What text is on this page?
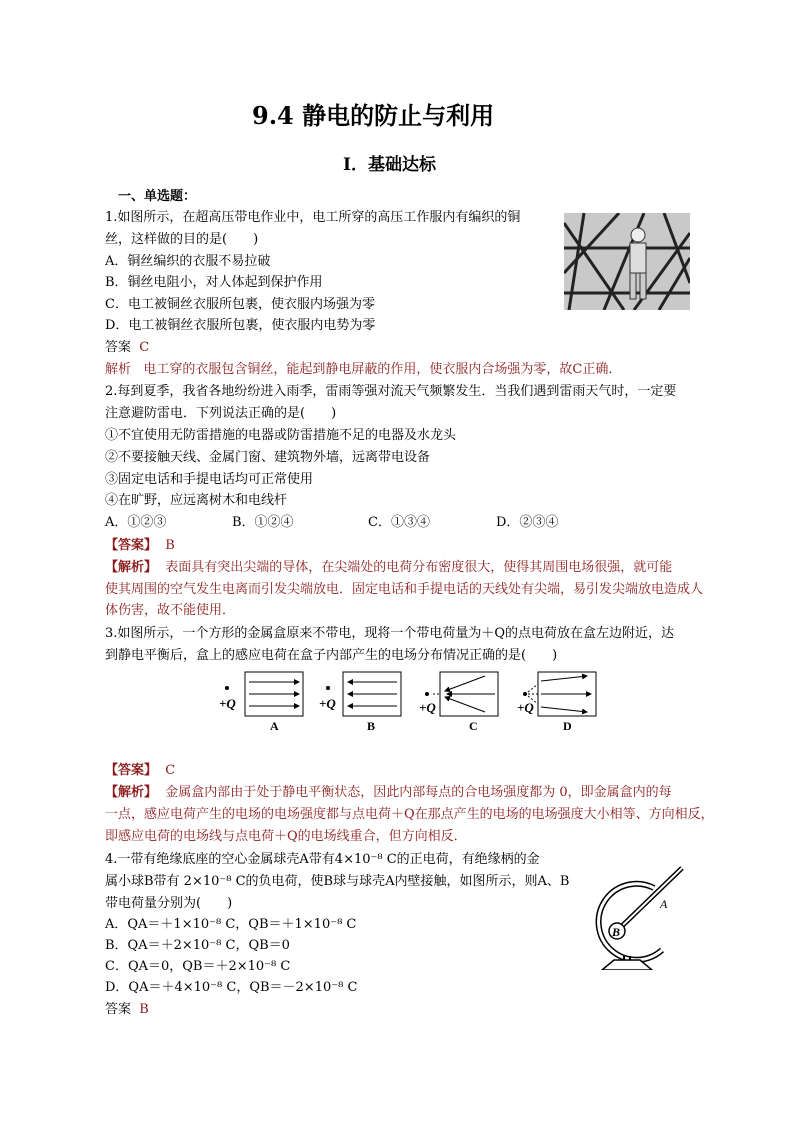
9.4 静电的防止与利用
Ⅰ．基础达标
一、单选题：
1.如图所示，在超高压带电作业中，电工所穿的高压工作服内有编织的铜
丝，这样做的目的是(　　)
A．铜丝编织的衣服不易拉破
B．铜丝电阻小，对人体起到保护作用
C．电工被铜丝衣服所包裹，使衣服内场强为零
D．电工被铜丝衣服所包裹，使衣服内电势为零
答案 C
解析 电工穿的衣服包含铜丝，能起到静电屏蔽的作用，使衣服内合场强为零，故C正确．
2.每到夏季，我省各地纷纷进入雨季，雷雨等强对流天气频繁发生．当我们遇到雷雨天气时，一定要
注意避防雷电．下列说法正确的是(　　)
①不宜使用无防雷措施的电器或防雷措施不足的电器及水龙头
②不要接触天线、金属门窗、建筑物外墙，远离带电设备
③固定电话和手提电话均可正常使用
④在旷野，应远离树木和电线杆
A．①②③	B．①②④	C．①③④	D．②③④
【答案】 B
【解析】 表面具有突出尖端的导体，在尖端处的电荷分布密度很大，使得其周围电场很强，就可能
使其周围的空气发生电离而引发尖端放电．固定电话和手提电话的天线处有尖端，易引发尖端放电造成人
体伤害，故不能使用．
3.如图所示，一个方形的金属盒原来不带电，现将一个带电荷量为＋Q的点电荷放在盒左边附近，达
到静电平衡后，盒上的感应电荷在盒子内部产生的电场分布情况正确的是(　　)
+Q
A
+Q
B
+Q
C
+Q
D
【答案】 C
【解析】 金属盒内部由于处于静电平衡状态，因此内部每点的合电场强度都为 0，即金属盒内的每
一点，感应电荷产生的电场的电场强度都与点电荷＋Q在那点产生的电场的电场强度大小相等、方向相反，
即感应电荷的电场线与点电荷＋Q的电场线重合，但方向相反．
4.一带有绝缘底座的空心金属球壳A带有4×10⁻⁸ C的正电荷，有绝缘柄的金
属小球B带有 2×10⁻⁸ C的负电荷，使B球与球壳A内壁接触，如图所示，则A、B
带电荷量分别为(　　)
A．QA＝＋1×10⁻⁸ C，QB＝＋1×10⁻⁸ C
B．QA＝＋2×10⁻⁸ C，QB＝0
C．QA＝0，QB＝＋2×10⁻⁸ C
D．QA＝＋4×10⁻⁸ C，QB＝－2×10⁻⁸ C
答案 B
B
A
